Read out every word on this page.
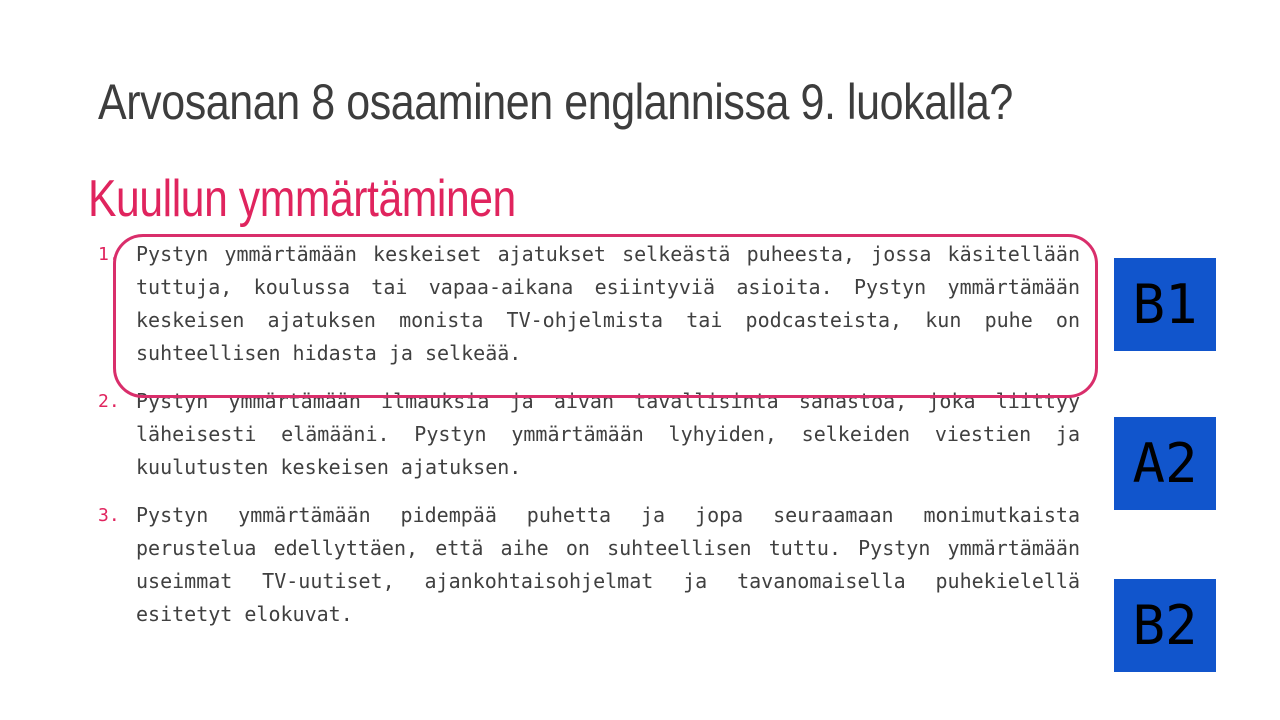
Arvosanan 8 osaaminen englannissa 9. luokalla?
Kuullun ymmärtäminen
1. Pystyn ymmärtämään keskeiset ajatukset selkeästä puheesta, jossa käsitellään tuttuja, koulussa tai vapaa-aikana esiintyviä asioita. Pystyn ymmärtämään keskeisen ajatuksen monista TV-ohjelmista tai podcasteista, kun puhe on suhteellisen hidasta ja selkeää.
2. Pystyn ymmärtämään ilmauksia ja aivan tavallisinta sanastoa, joka liittyy läheisesti elämääni. Pystyn ymmärtämään lyhyiden, selkeiden viestien ja kuulutusten keskeisen ajatuksen.
3. Pystyn ymmärtämään pidempää puhetta ja jopa seuraamaan monimutkaista perustelua edellyttäen, että aihe on suhteellisen tuttu. Pystyn ymmärtämään useimmat TV-uutiset, ajankohtaisohjelmat ja tavanomaisella puhekielellä esitetyt elokuvat.
B1
A2
B2
